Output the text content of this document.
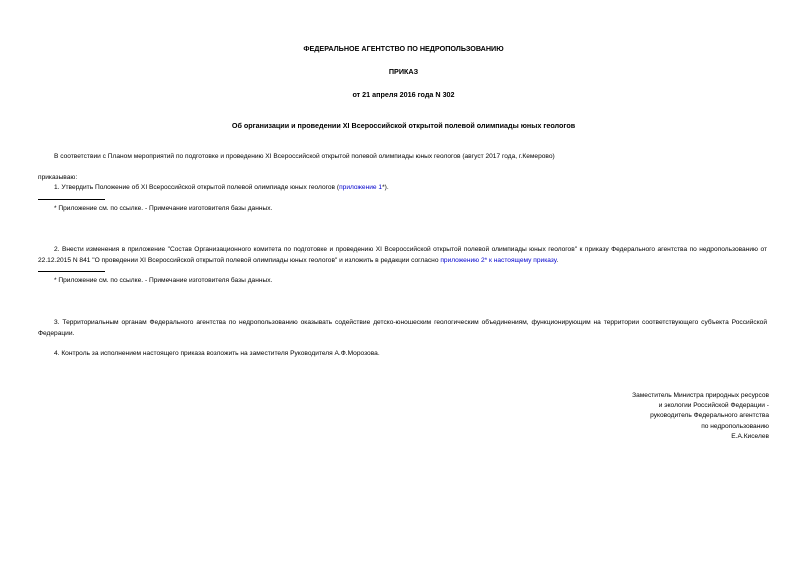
ФЕДЕРАЛЬНОЕ АГЕНТСТВО ПО НЕДРОПОЛЬЗОВАНИЮ
ПРИКАЗ
от 21 апреля 2016 года N 302
Об организации и проведении XI Всероссийской открытой полевой олимпиады юных геологов
В соответствии с Планом мероприятий по подготовке и проведению XI Всероссийской открытой полевой олимпиады юных геологов (август 2017 года, г.Кемерово)
приказываю:
1. Утвердить Положение об XI Всероссийской открытой полевой олимпиаде юных геологов (приложение 1*).
* Приложение см. по ссылке. - Примечание изготовителя базы данных.
2. Внести изменения в приложение "Состав Организационного комитета по подготовке и проведению XI Всероссийской открытой полевой олимпиады юных геологов" к приказу Федерального агентства по недропользованию от 22.12.2015 N 841 "О проведении XI Всероссийской открытой полевой олимпиады юных геологов" и изложить в редакции согласно приложению 2* к настоящему приказу.
* Приложение см. по ссылке. - Примечание изготовителя базы данных.
3. Территориальным органам Федерального агентства по недропользованию оказывать содействие детско-юношеским геологическим объединениям, функционирующим на территории соответствующего субъекта Российской Федерации.
4. Контроль за исполнением настоящего приказа возложить на заместителя Руководителя А.Ф.Морозова.
Заместитель Министра природных ресурсов
и экологии Российской Федерации -
руководитель Федерального агентства
по недропользованию
Е.А.Киселев
